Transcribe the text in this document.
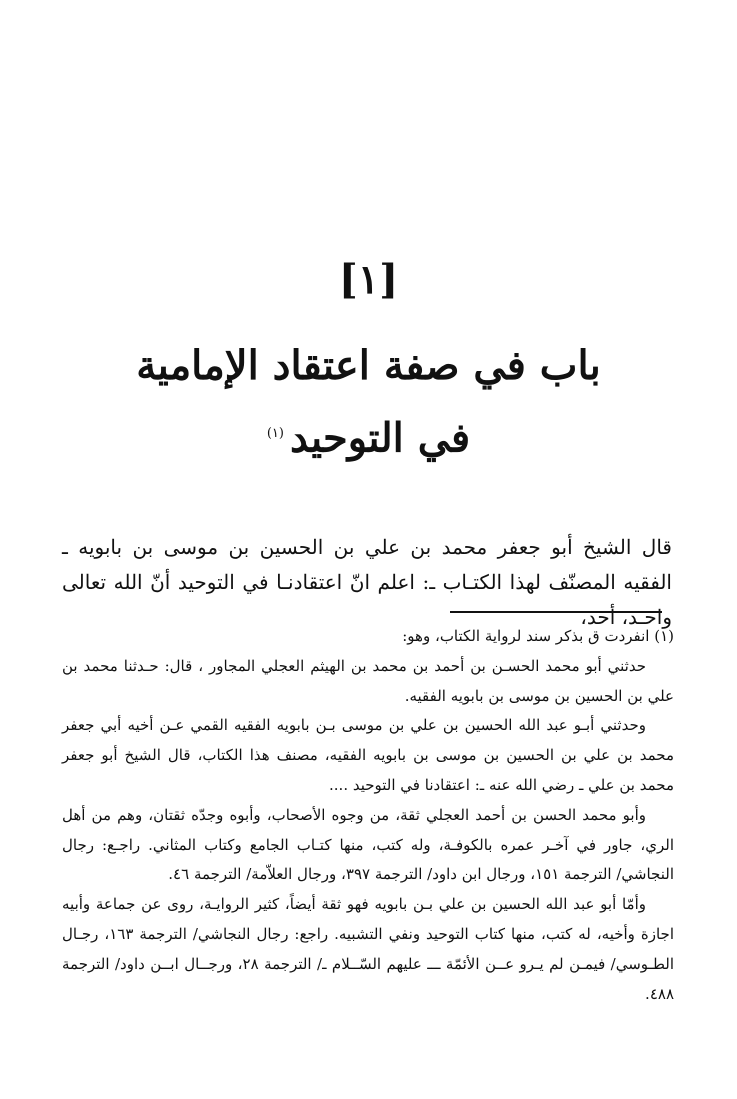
[١]
باب في صفة اعتقاد الإمامية
في التوحيد$^{(١)}$

قال الشيخ أبو جعفر محمد بن علي بن الحسين بن موسى بن بابويه ـ الفقيه المصنّف لهذا الكتـاب ـ: اعلم انّ اعتقادنـا في التوحيد أنّ الله تعالى واحـد، أحد،

(١) انفردت ق بذكر سند لرواية الكتاب، وهو:

حدثني أبو محمد الحسـن بن أحمد بن محمد بن الهيثم العجلي المجاور ، قال: حـدثنا محمد بن علي بن الحسين بن موسى بن بابويه الفقيه.

وحدثني أبـو عبد الله الحسين بن علي بن موسى بـن بابويه الفقيه القمي عـن أخيه أبي جعفر محمد بن علي بن الحسين بن موسى بن بابويه الفقيه، مصنف هذا الكتاب، قال الشيخ أبو جعفر محمد بن علي ـ رضي الله عنه ـ: اعتقادنا في التوحيد ....

وأبو محمد الحسن بن أحمد العجلي ثقة، من وجوه الأصحاب، وأبوه وجدّه ثقتان، وهم من أهل الري، جاور في آخـر عمره بالكوفـة، وله كتب، منها كتـاب الجامع وكتاب المثاني. راجـع: رجال النجاشي/ الترجمة ١٥١، ورجال ابن داود/ الترجمة ٣٩٧، ورجال العلاّمة/ الترجمة ٤٦.

وأمّا أبو عبد الله الحسين بن علي بـن بابويه فهو ثقة أيضاً، كثير الروايـة، روى عن جماعة وأبيه اجازة وأخيه، له كتب، منها كتاب التوحيد ونفي التشبيه. راجع: رجال النجاشي/ الترجمة ١٦٣، رجـال الطـوسي/ فيمـن لم يـرو عــن الأئمّة ـــ عليهم السّــلام ـ/ الترجمة ٢٨، ورجــال ابــن داود/ الترجمة ٤٨٨.
